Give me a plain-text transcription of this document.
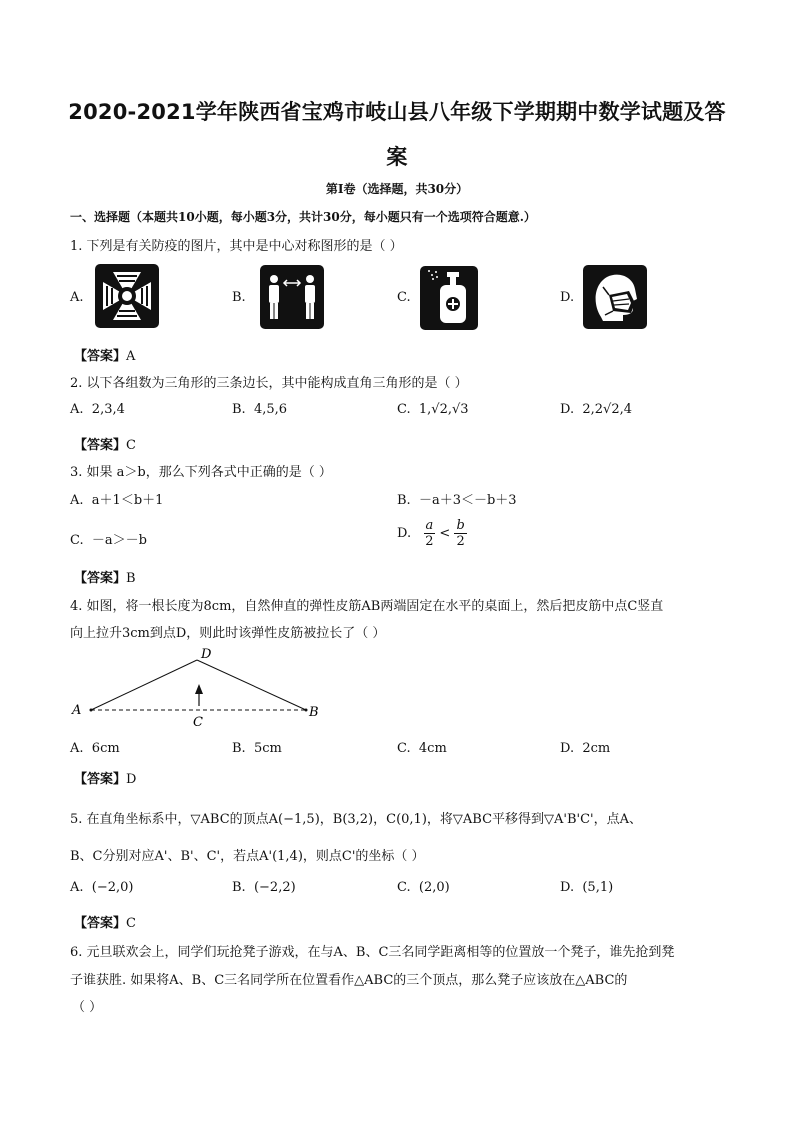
2020-2021学年陕西省宝鸡市岐山县八年级下学期期中数学试题及答
案
第Ⅰ卷（选择题，共30分）
一、选择题（本题共10小题，每小题3分，共计30分，每小题只有一个选项符合题意.）
1. 下列是有关防疫的图片，其中是中心对称图形的是（ ）
A.	B.	C.	D.
【答案】A
2. 以下各组数为三角形的三条边长，其中能构成直角三角形的是（ ）
A. 2,3,4	B. 4,5,6	C. 1,√2,√3	D. 2,2√2,4
【答案】C
3. 如果 a＞b，那么下列各式中正确的是（ ）
A. a＋1＜b＋1	B. －a＋3＜－b＋3
C. －a＞－b	D. $\frac{a}{2} < \frac{b}{2}$
【答案】B
4. 如图，将一根长度为8cm，自然伸直的弹性皮筋AB两端固定在水平的桌面上，然后把皮筋中点C竖直
向上拉升3cm到点D，则此时该弹性皮筋被拉长了（ ）
A	B
C
D
A. 6cm	B. 5cm	C. 4cm	D. 2cm
【答案】D
5. 在直角坐标系中，▽ABC的顶点A(−1,5)，B(3,2)，C(0,1)，将▽ABC平移得到▽A'B'C'，点A、
B、C分别对应A'、B'、C'，若点A'(1,4)，则点C'的坐标（ ）
A. (−2,0)	B. (−2,2)	C. (2,0)	D. (5,1)
【答案】C
6. 元旦联欢会上，同学们玩抢凳子游戏，在与A、B、C三名同学距离相等的位置放一个凳子，谁先抢到凳
子谁获胜. 如果将A、B、C三名同学所在位置看作△ABC的三个顶点，那么凳子应该放在△ABC的
（ ）
